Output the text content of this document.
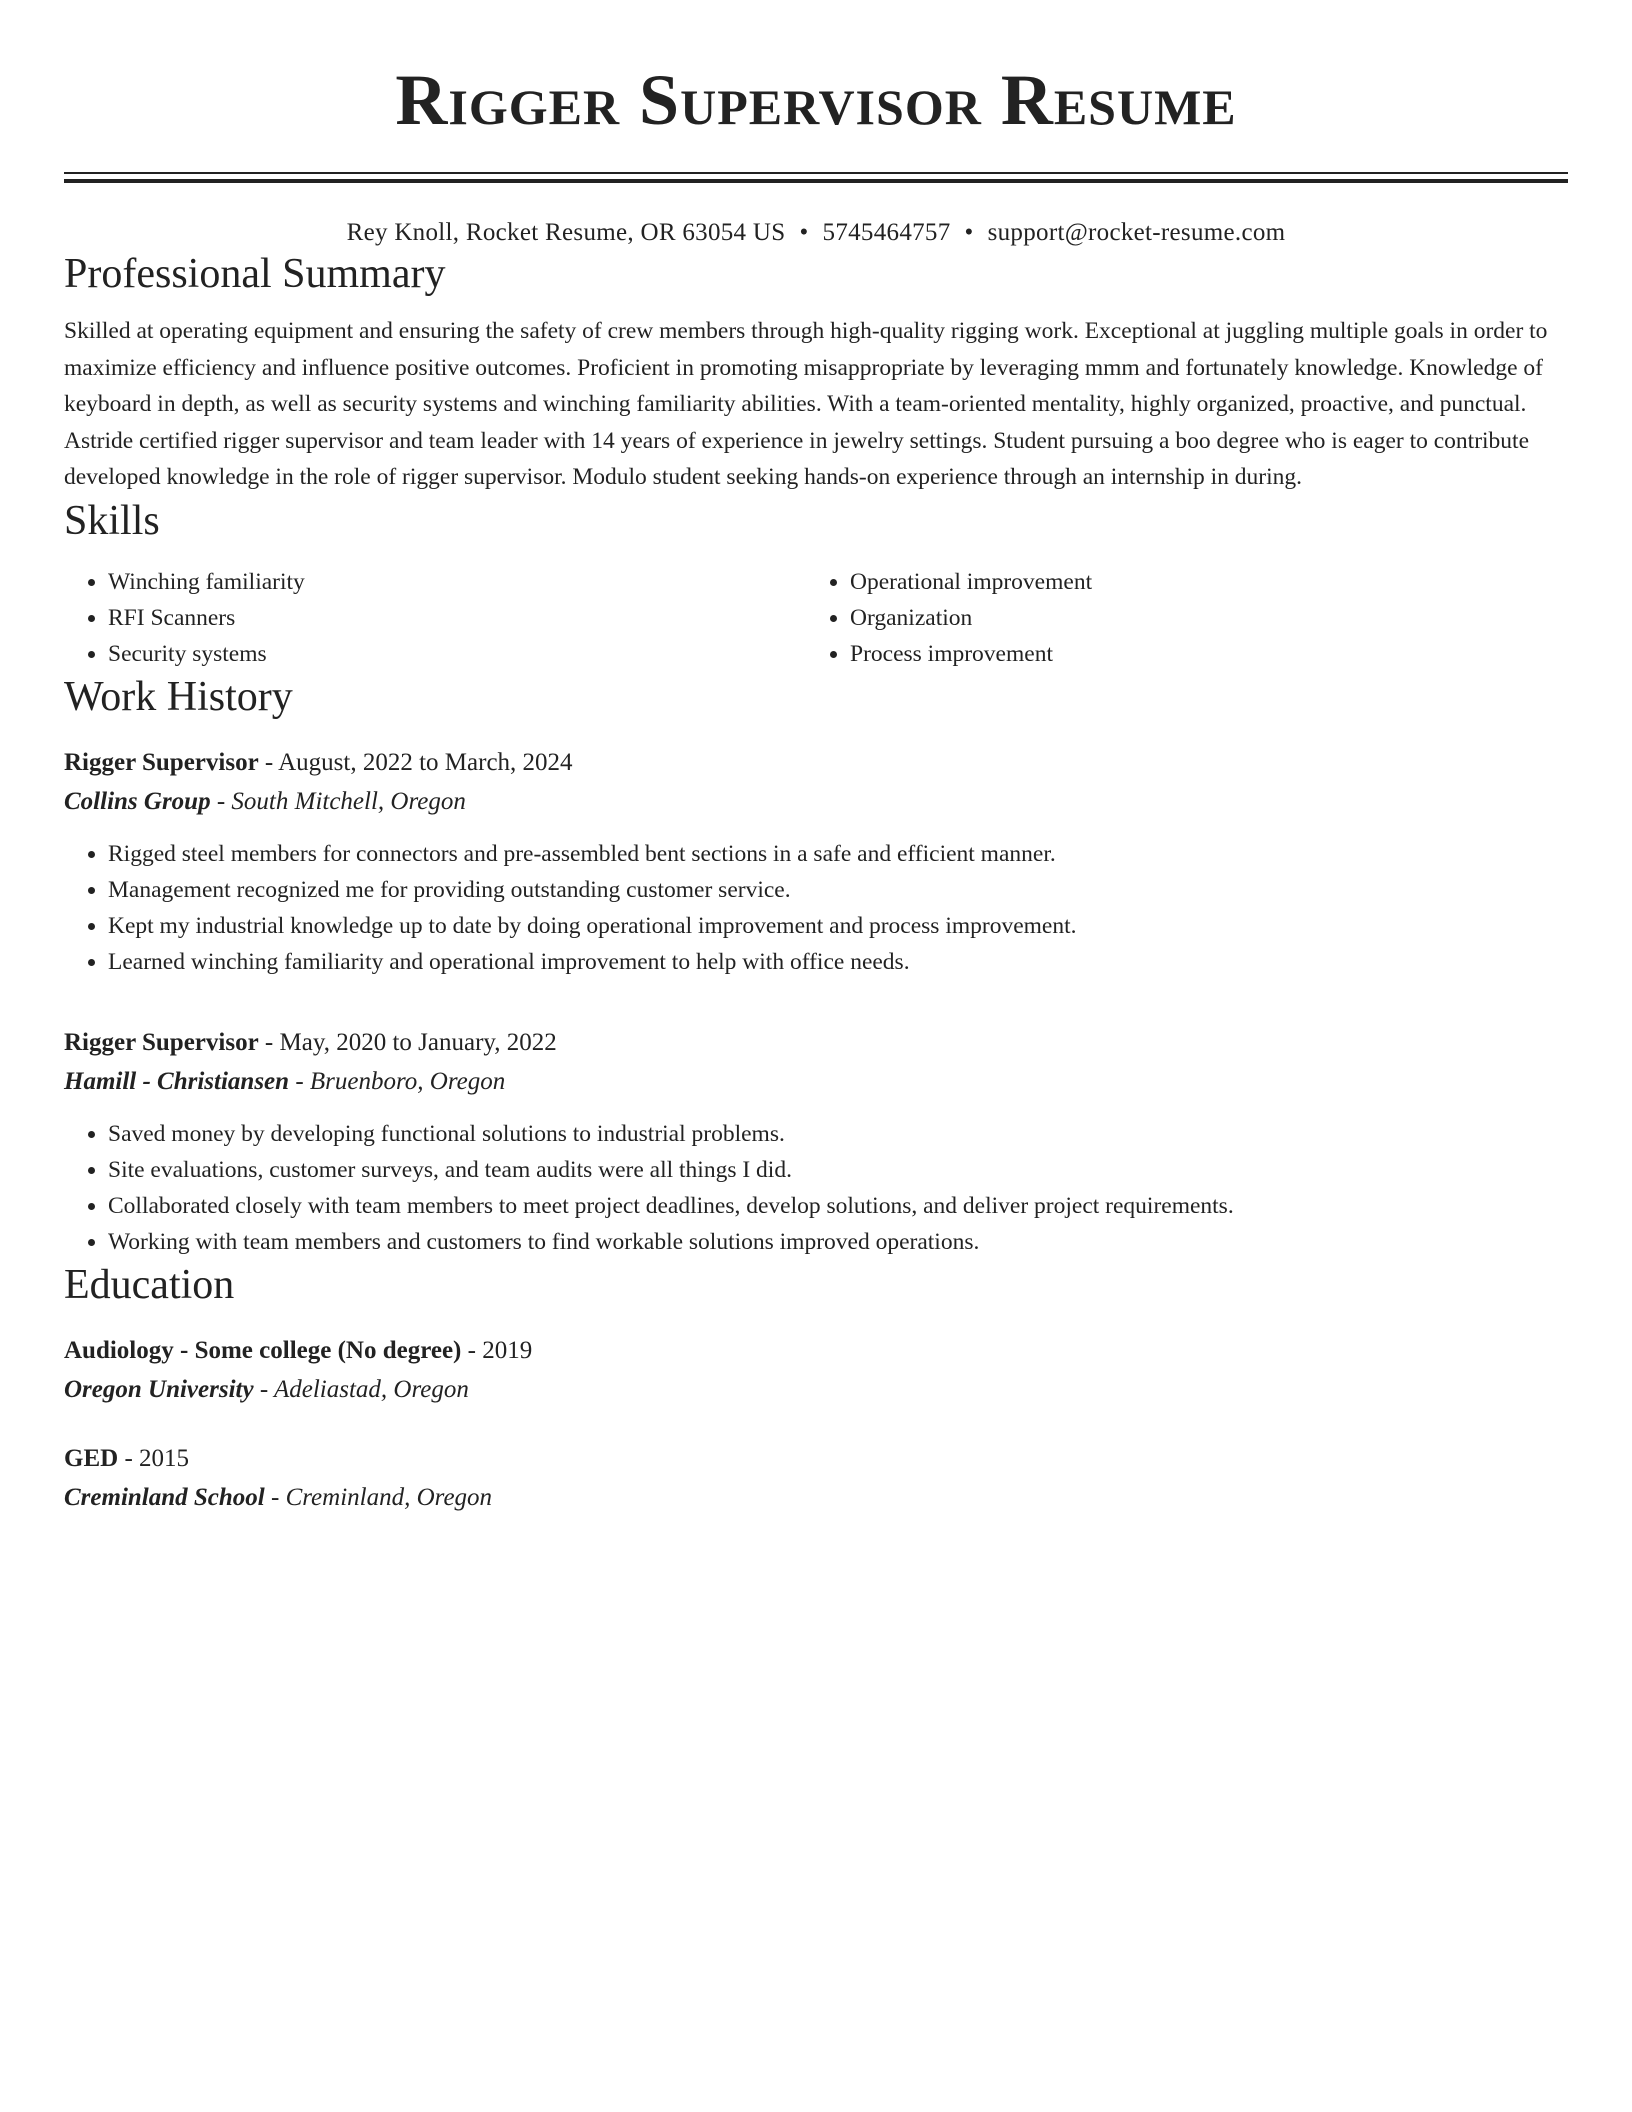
Rigger Supervisor Resume
Rey Knoll, Rocket Resume, OR 63054 US • 5745464757 • support@rocket-resume.com
Professional Summary
Skilled at operating equipment and ensuring the safety of crew members through high-quality rigging work. Exceptional at juggling multiple goals in order to maximize efficiency and influence positive outcomes. Proficient in promoting misappropriate by leveraging mmm and fortunately knowledge. Knowledge of keyboard in depth, as well as security systems and winching familiarity abilities. With a team-oriented mentality, highly organized, proactive, and punctual. Astride certified rigger supervisor and team leader with 14 years of experience in jewelry settings. Student pursuing a boo degree who is eager to contribute developed knowledge in the role of rigger supervisor. Modulo student seeking hands-on experience through an internship in during.
Skills
• Winching familiarity
• RFI Scanners
• Security systems
• Operational improvement
• Organization
• Process improvement
Work History
Rigger Supervisor - August, 2022 to March, 2024
Collins Group - South Mitchell, Oregon
• Rigged steel members for connectors and pre-assembled bent sections in a safe and efficient manner.
• Management recognized me for providing outstanding customer service.
• Kept my industrial knowledge up to date by doing operational improvement and process improvement.
• Learned winching familiarity and operational improvement to help with office needs.
Rigger Supervisor - May, 2020 to January, 2022
Hamill - Christiansen - Bruenboro, Oregon
• Saved money by developing functional solutions to industrial problems.
• Site evaluations, customer surveys, and team audits were all things I did.
• Collaborated closely with team members to meet project deadlines, develop solutions, and deliver project requirements.
• Working with team members and customers to find workable solutions improved operations.
Education
Audiology - Some college (No degree) - 2019
Oregon University - Adeliastad, Oregon
GED - 2015
Creminland School - Creminland, Oregon
